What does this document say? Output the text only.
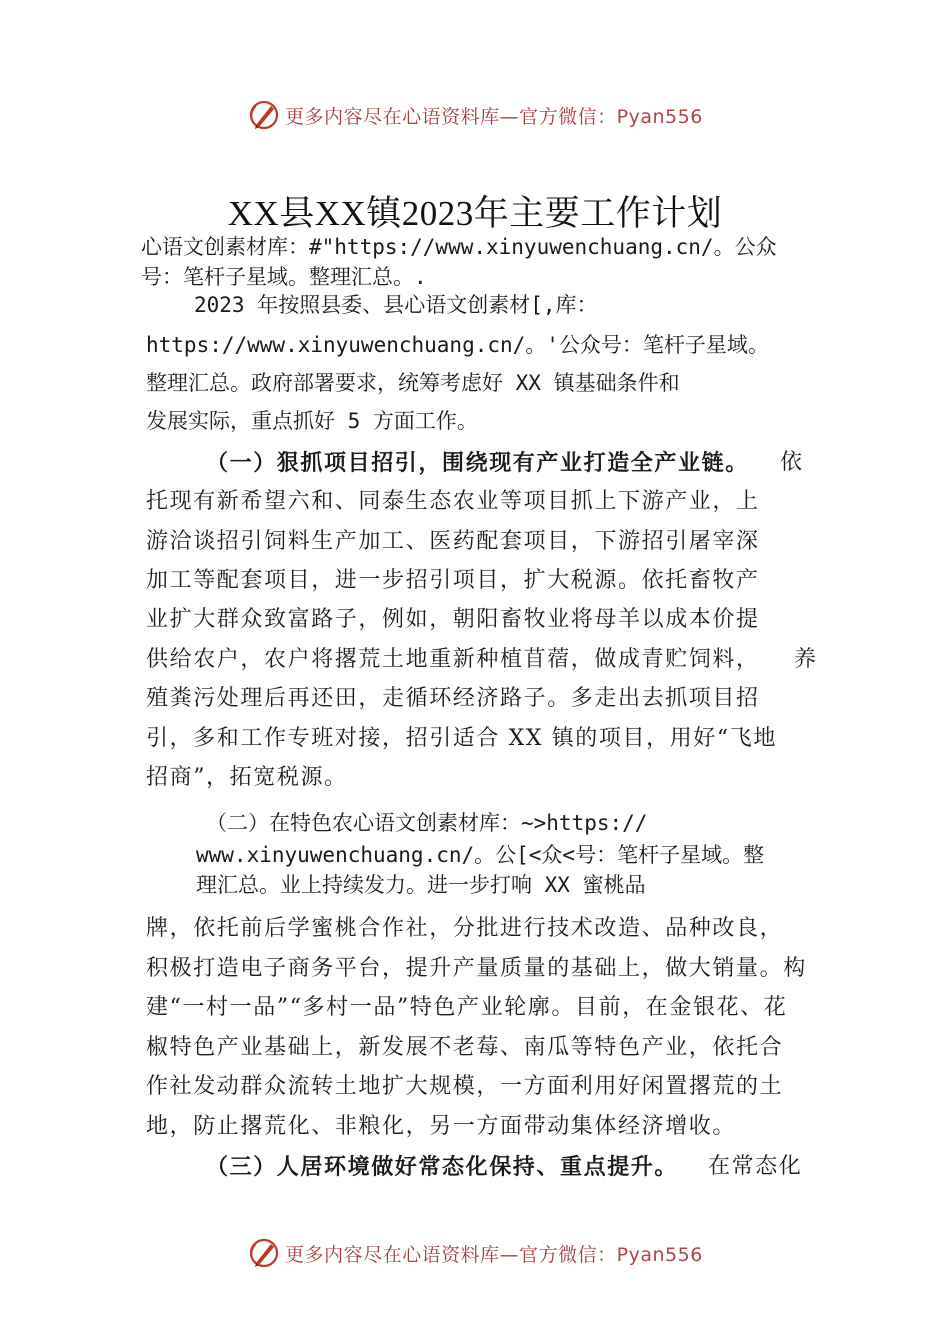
更多内容尽在心语资料库—官方微信：Pyan556
XX县XX镇2023年主要工作计划
心语文创素材库：#"https://www.xinyuwenchuang.cn/。公众
号：笔杆子星域。整理汇总。.
2023 年按照县委、县心语文创素材[,库：
https://www.xinyuwenchuang.cn/。'公众号：笔杆子星域。
整理汇总。政府部署要求，统筹考虑好 XX 镇基础条件和
发展实际，重点抓好 5 方面工作。
（一）狠抓项目招引，围绕现有产业打造全产业链。 依
托现有新希望六和、同泰生态农业等项目抓上下游产业，上
游洽谈招引饲料生产加工、医药配套项目，下游招引屠宰深
加工等配套项目，进一步招引项目，扩大税源。依托畜牧产
业扩大群众致富路子，例如，朝阳畜牧业将母羊以成本价提
供给农户，农户将撂荒土地重新种植苜蓿，做成青贮饲料， 养
殖粪污处理后再还田，走循环经济路子。多走出去抓项目招
引，多和工作专班对接，招引适合 XX 镇的项目，用好“飞地
招商”，拓宽税源。
（二）在特色农心语文创素材库：~>https://
www.xinyuwenchuang.cn/。公[<众<号：笔杆子星域。整
理汇总。业上持续发力。进一步打响 XX 蜜桃品
牌，依托前后学蜜桃合作社，分批进行技术改造、品种改良，
积极打造电子商务平台，提升产量质量的基础上，做大销量。构
建“一村一品”“多村一品”特色产业轮廓。目前，在金银花、花
椒特色产业基础上，新发展不老莓、南瓜等特色产业，依托合
作社发动群众流转土地扩大规模，一方面利用好闲置撂荒的土
地，防止撂荒化、非粮化，另一方面带动集体经济增收。
（三）人居环境做好常态化保持、重点提升。 在常态化
更多内容尽在心语资料库—官方微信：Pyan556
